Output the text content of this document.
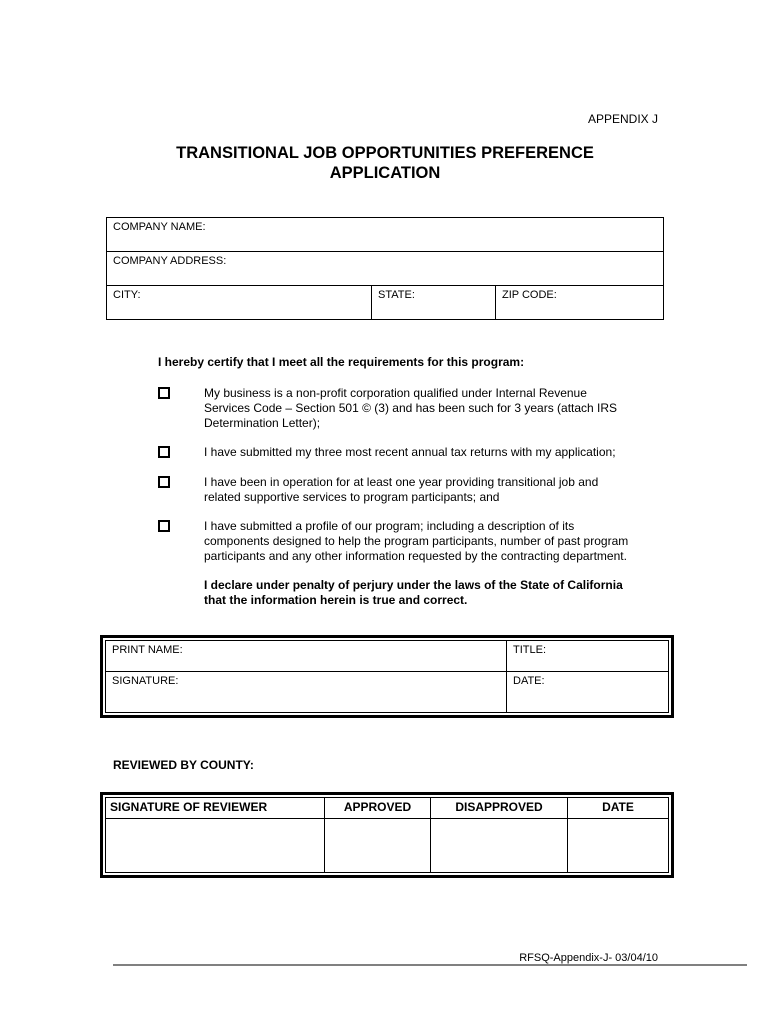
APPENDIX J
TRANSITIONAL JOB OPPORTUNITIES PREFERENCE
APPLICATION
COMPANY NAME:
COMPANY ADDRESS:
CITY:	STATE:	ZIP CODE:
I hereby certify that I meet all the requirements for this program:
My business is a non-profit corporation qualified under Internal Revenue
Services Code – Section 501 © (3) and has been such for 3 years (attach IRS
Determination Letter);
I have submitted my three most recent annual tax returns with my application;
I have been in operation for at least one year providing transitional job and
related supportive services to program participants; and
I have submitted a profile of our program; including a description of its
components designed to help the program participants, number of past program
participants and any other information requested by the contracting department.
I declare under penalty of perjury under the laws of the State of California
that the information herein is true and correct.
PRINT NAME:	TITLE:
SIGNATURE:	DATE:
REVIEWED BY COUNTY:
SIGNATURE OF REVIEWER	APPROVED	DISAPPROVED	DATE

RFSQ-Appendix-J- 03/04/10
